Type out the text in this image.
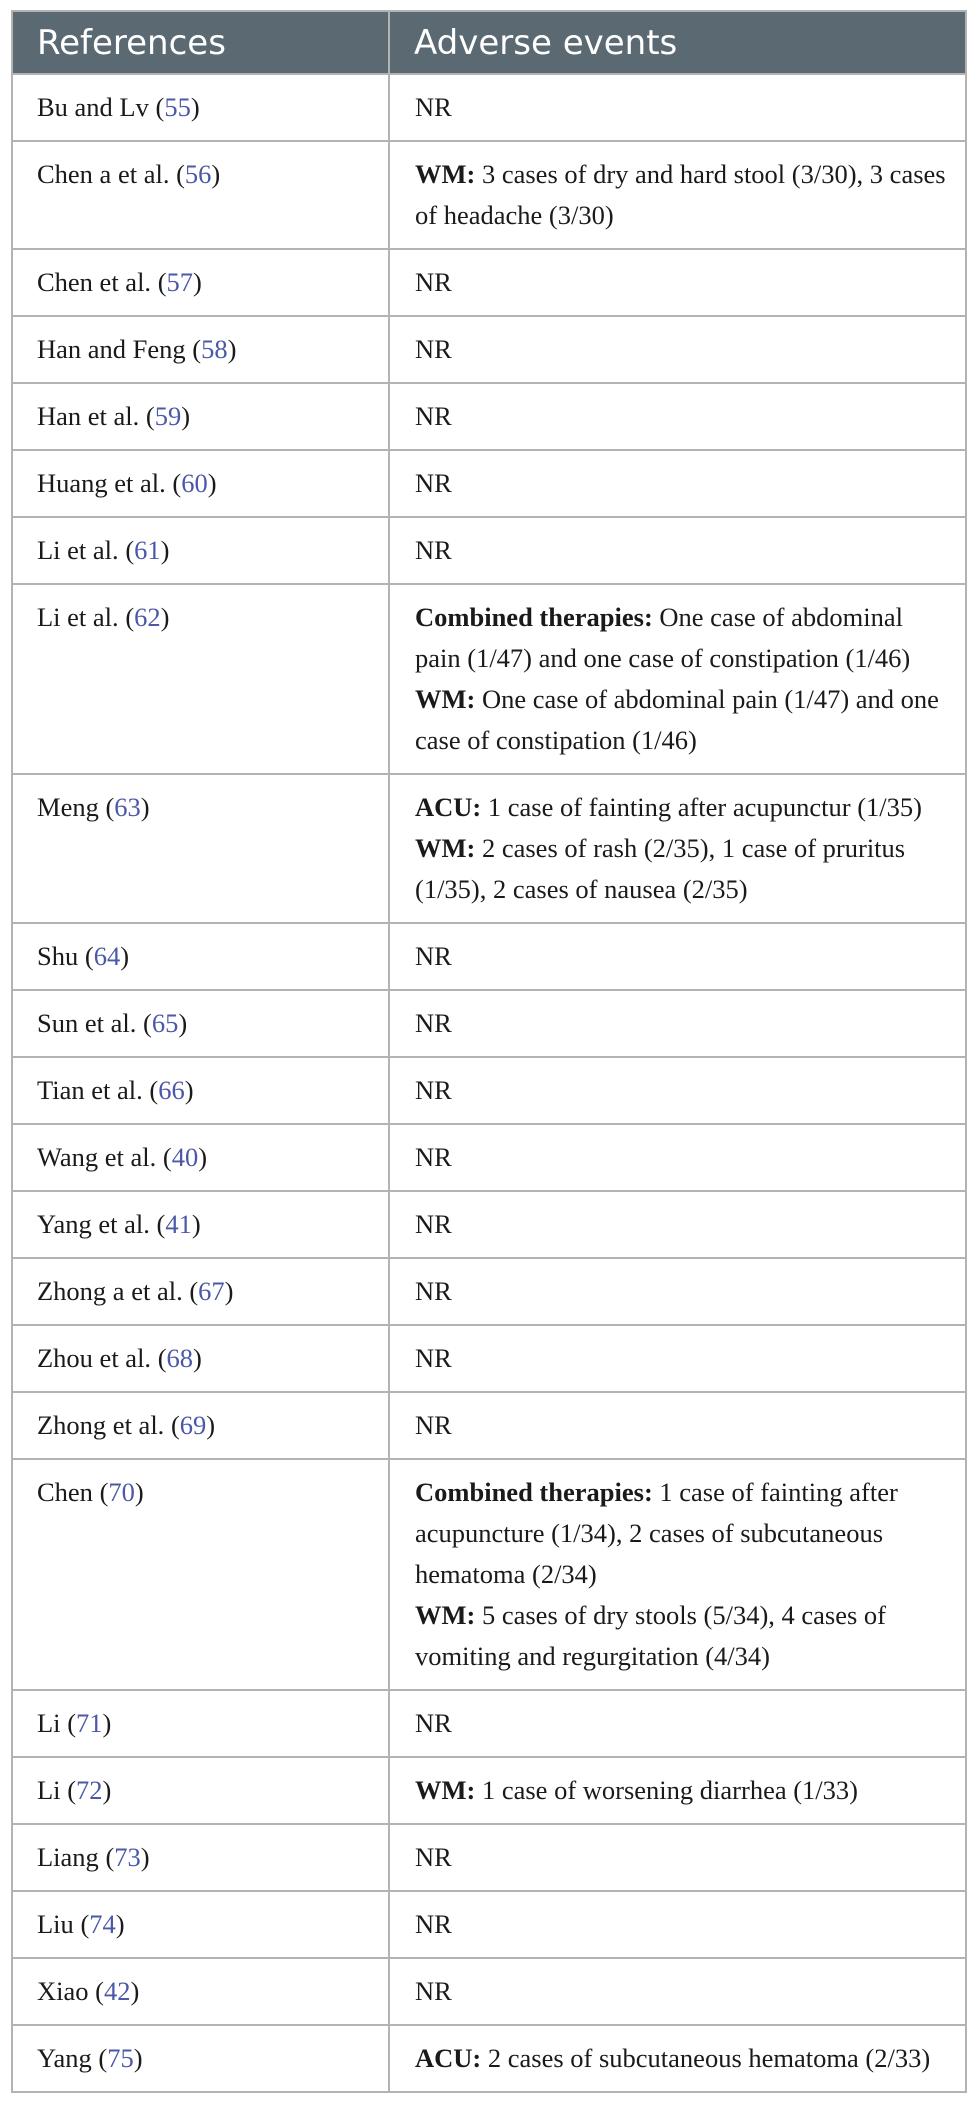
References	Adverse events
Bu and Lv (55)	NR

Chen a et al. (56)	WM: 3 cases of dry and hard stool (3/30), 3 cases of headache (3/30)

Chen et al. (57)	NR

Han and Feng (58)	NR

Han et al. (59)	NR

Huang et al. (60)	NR

Li et al. (61)	NR

Li et al. (62)	Combined therapies: One case of abdominal pain (1/47) and one case of constipation (1/46)
WM: One case of abdominal pain (1/47) and one case of constipation (1/46)

Meng (63)	ACU: 1 case of fainting after acupunctur (1/35)
WM: 2 cases of rash (2/35), 1 case of pruritus (1/35), 2 cases of nausea (2/35)

Shu (64)	NR

Sun et al. (65)	NR

Tian et al. (66)	NR

Wang et al. (40)	NR

Yang et al. (41)	NR

Zhong a et al. (67)	NR

Zhou et al. (68)	NR

Zhong et al. (69)	NR

Chen (70)	Combined therapies: 1 case of fainting after acupuncture (1/34), 2 cases of subcutaneous hematoma (2/34)
WM: 5 cases of dry stools (5/34), 4 cases of vomiting and regurgitation (4/34)

Li (71)	NR

Li (72)	WM: 1 case of worsening diarrhea (1/33)

Liang (73)	NR

Liu (74)	NR

Xiao (42)	NR

Yang (75)	ACU: 2 cases of subcutaneous hematoma (2/33)
